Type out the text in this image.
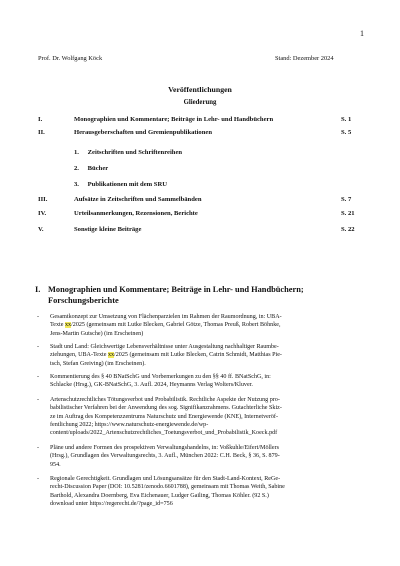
1
Prof. Dr. Wolfgang Köck	Stand: Dezember 2024
Veröffentlichungen
Gliederung
I.	Monographien und Kommentare; Beiträge in Lehr- und Handbüchern	S. 1
II.	Herausgeberschaften und Gremienpublikationen	S. 5
1. Zeitschriften und Schriftenreihen
2. Bücher
3. Publikationen mit dem SRU
III.	Aufsätze in Zeitschriften und Sammelbänden	S. 7
IV.	Urteilsanmerkungen, Rezensionen, Berichte	S. 21
V.	Sonstige kleine Beiträge	S. 22
I. Monographien und Kommentare; Beiträge in Lehr- und Handbüchern;
Forschungsberichte
- Gesamtkonzept zur Umsetzung von Flächenparzielen im Rahmen der Raumordnung, in: UBA-
Texte xx/2025 (gemeinsam mit Lutke Blecken, Gabriel Götze, Thomas Preuß, Robert Böhnke,
Jens-Martin Gutsche) (im Erscheinen)
- Stadt und Land: Gleichwertige Lebensverhältnisse unter Ausgestaltung nachhaltiger Raumbe-
ziehungen, UBA-Texte xx/2025 (gemeinsam mit Lutke Blecken, Catrin Schmidt, Matthias Pie-
tsch, Stefan Greiving) (im Erscheinen).
- Kommentierung des § 40 BNatSchG und Vorbemerkungen zu den §§ 40 ff. BNatSchG, in:
Schlacke (Hrsg.), GK-BNatSchG, 3. Aufl. 2024, Heymanns Verlag Wolters/Kluver.
- Artenschutzrechtliches Tötungsverbot und Probabilistik. Rechtliche Aspekte der Nutzung pro-
babilistischer Verfahren bei der Anwendung des sog. Signifikanzrahmens. Gutachterliche Skiz-
ze im Auftrag des Kompetenzzentrums Naturschutz und Energiewende (KNE), Internetveröf-
fentlichung 2022; https://www.naturschutz-energiewende.de/wp-
content/uploads/2022_Artenschutzrechtliches_Toetungsverbot_und_Probabilistik_Koeck.pdf
- Pläne und andere Formen des prospektiven Verwaltungshandelns, in: Voßkuhle/Eifert/Möllers
(Hrsg.), Grundlagen des Verwaltungsrechts, 3. Aufl., München 2022: C.H. Beck, § 36, S. 879-
954.
- Regionale Gerechtigkeit. Grundlagen und Lösungsansätze für den Stadt-Land-Kontext, ReGe-
recht-Discussion Paper (DOI: 10.5281/zenodo.6601788), gemeinsam mit Thomas Weith, Sabine
Barthold, Alexandra Doernberg, Eva Eichenauer, Ludger Gailing, Thomas Köhler. (92 S.)
download unter https://regerecht.de/?page_id=756
